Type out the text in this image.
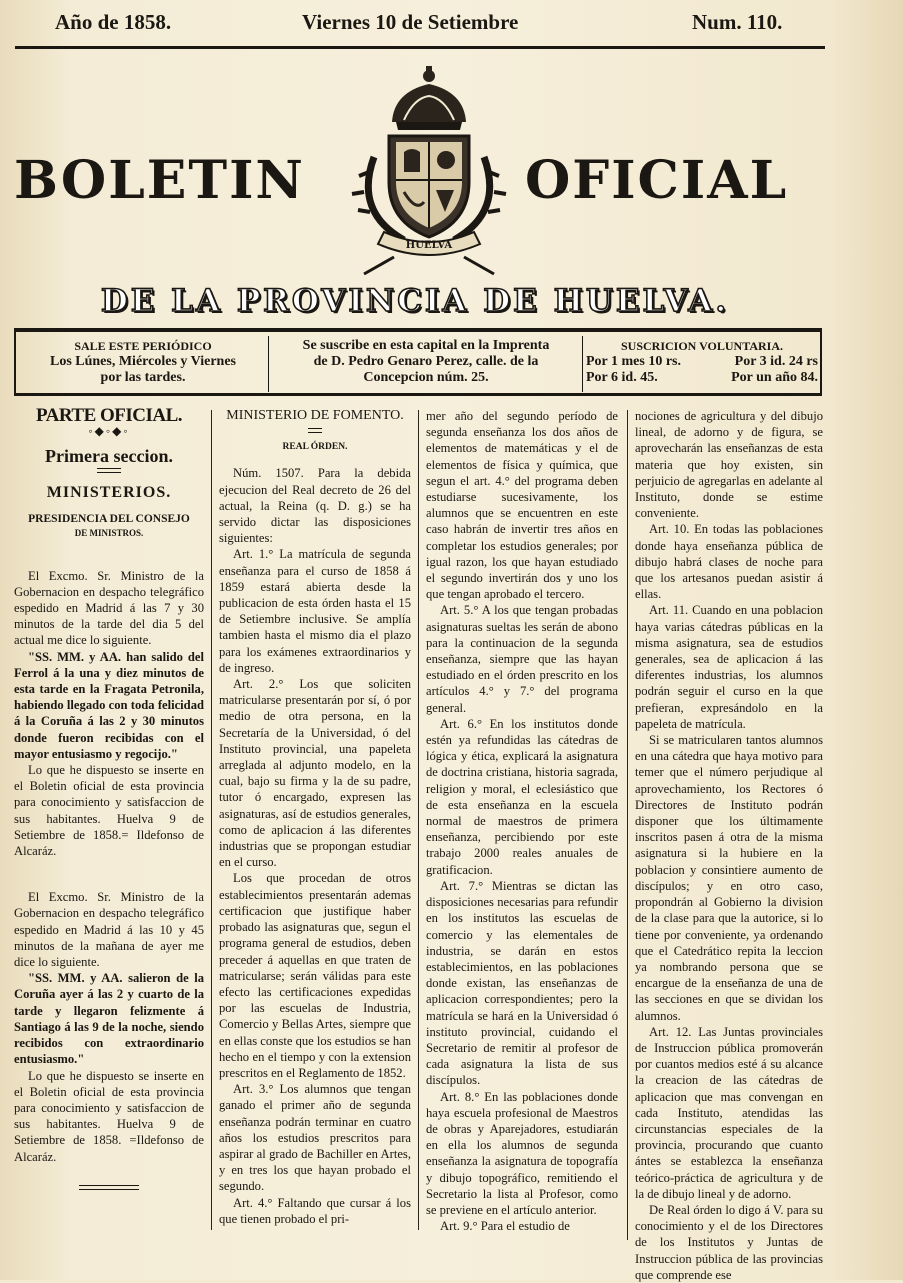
Año de 1858.	Viernes 10 de Setiembre	Num. 110.
BOLETIN	OFICIAL
HUELVA
DE LA PROVINCIA DE HUELVA.
SALE ESTE PERIÓDICO
Los Lúnes, Miércoles y Viernes
por las tardes.
Se suscribe en esta capital en la Imprenta
de D. Pedro Genaro Perez, calle. de la
Concepcion núm. 25.
SUSCRICION VOLUNTARIA.
Por 1 mes 10 rs.	Por 3 id. 24 rs
Por 6 id. 45.	Por un año 84.
PARTE OFICIAL.
◦◆◦◆◦
Primera seccion.
MINISTERIOS.
PRESIDENCIA DEL CONSEJO
DE MINISTROS.

El Excmo. Sr. Ministro de la Gobernacion en despacho telegráfico espedido en Madrid á las 7 y 30 minutos de la tarde del dia 5 del actual me dice lo siguiente.

"SS. MM. y AA. han salido del Ferrol á la una y diez minutos de esta tarde en la Fragata Petronila, habiendo llegado con toda felicidad á la Coruña á las 2 y 30 minutos donde fueron recibidas con el mayor entusiasmo y regocijo."

Lo que he dispuesto se inserte en el Boletin oficial de esta provincia para conocimiento y satisfaccion de sus habitantes. Huelva 9 de Setiembre de 1858.= Ildefonso de Alcaráz.

El Excmo. Sr. Ministro de la Gobernacion en despacho telegráfico espedido en Madrid á las 10 y 45 minutos de la mañana de ayer me dice lo siguiente.

"SS. MM. y AA. salieron de la Coruña ayer á las 2 y cuarto de la tarde y llegaron felizmente á Santiago á las 9 de la noche, siendo recibidos con extraordinario entusiasmo."

Lo que he dispuesto se inserte en el Boletin oficial de esta provincia para conocimiento y satisfaccion de sus habitantes. Huelva 9 de Setiembre de 1858. =Ildefonso de Alcaráz.

MINISTERIO DE FOMENTO.
REAL ÓRDEN.

Núm. 1507. Para la debida ejecucion del Real decreto de 26 del actual, la Reina (q. D. g.) se ha servido dictar las disposiciones siguientes:

Art. 1.° La matrícula de segunda enseñanza para el curso de 1858 á 1859 estará abierta desde la publicacion de esta órden hasta el 15 de Setiembre inclusive. Se amplía tambien hasta el mismo dia el plazo para los exámenes extraordinarios y de ingreso.

Art. 2.° Los que soliciten matricularse presentarán por sí, ó por medio de otra persona, en la Secretaría de la Universidad, ó del Instituto provincial, una papeleta arreglada al adjunto modelo, en la cual, bajo su firma y la de su padre, tutor ó encargado, expresen las asignaturas, así de estudios generales, como de aplicacion á las diferentes industrias que se propongan estudiar en el curso.

Los que procedan de otros establecimientos presentarán ademas certificacion que justifique haber probado las asignaturas que, segun el programa general de estudios, deben preceder á aquellas en que traten de matricularse; serán válidas para este efecto las certificaciones expedidas por las escuelas de Industria, Comercio y Bellas Artes, siempre que en ellas conste que los estudios se han hecho en el tiempo y con la extension prescritos en el Reglamento de 1852.

Art. 3.° Los alumnos que tengan ganado el primer año de segunda enseñanza podrán terminar en cuatro años los estudios prescritos para aspirar al grado de Bachiller en Artes, y en tres los que hayan probado el segundo.

Art. 4.° Faltando que cursar á los que tienen probado el pri-

mer año del segundo período de segunda enseñanza los dos años de elementos de matemáticas y el de elementos de física y química, que segun el art. 4.° del programa deben estudiarse sucesivamente, los alumnos que se encuentren en este caso habrán de invertir tres años en completar los estudios generales; por igual razon, los que hayan estudiado el segundo invertirán dos y uno los que tengan aprobado el tercero.

Art. 5.° A los que tengan probadas asignaturas sueltas les serán de abono para la continuacion de la segunda enseñanza, siempre que las hayan estudiado en el órden prescrito en los artículos 4.° y 7.° del programa general.

Art. 6.° En los institutos donde estén ya refundidas las cátedras de lógica y ética, explicará la asignatura de doctrina cristiana, historia sagrada, religion y moral, el eclesiástico que de esta enseñanza en la escuela normal de maestros de primera enseñanza, percibiendo por este trabajo 2000 reales anuales de gratificacion.

Art. 7.° Mientras se dictan las disposiciones necesarias para refundir en los institutos las escuelas de comercio y las elementales de industria, se darán en estos establecimientos, en las poblaciones donde existan, las enseñanzas de aplicacion correspondientes; pero la matrícula se hará en la Universidad ó instituto provincial, cuidando el Secretario de remitir al profesor de cada asignatura la lista de sus discípulos.

Art. 8.° En las poblaciones donde haya escuela profesional de Maestros de obras y Aparejadores, estudiarán en ella los alumnos de segunda enseñanza la asignatura de topografía y dibujo topográfico, remitiendo el Secretario la lista al Profesor, como se previene en el artículo anterior.

Art. 9.° Para el estudio de

nociones de agricultura y del dibujo lineal, de adorno y de figura, se aprovecharán las enseñanzas de esta materia que hoy existen, sin perjuicio de agregarlas en adelante al Instituto, donde se estime conveniente.

Art. 10. En todas las poblaciones donde haya enseñanza pública de dibujo habrá clases de noche para que los artesanos puedan asistir á ellas.

Art. 11. Cuando en una poblacion haya varias cátedras públicas en la misma asignatura, sea de estudios generales, sea de aplicacion á las diferentes industrias, los alumnos podrán seguir el curso en la que prefieran, expresándolo en la papeleta de matrícula.

Si se matricularen tantos alumnos en una cátedra que haya motivo para temer que el número perjudique al aprovechamiento, los Rectores ó Directores de Instituto podrán disponer que los últimamente inscritos pasen á otra de la misma asignatura si la hubiere en la poblacion y consintiere aumento de discípulos; y en otro caso, propondrán al Gobierno la division de la clase para que la autorice, si lo tiene por conveniente, ya ordenando que el Catedrático repita la leccion ya nombrando persona que se encargue de la enseñanza de una de las secciones en que se dividan los alumnos.

Art. 12. Las Juntas provinciales de Instruccion pública promoverán por cuantos medios esté á su alcance la creacion de las cátedras de aplicacion que mas convengan en cada Instituto, atendidas las circunstancias especiales de la provincia, procurando que cuanto ántes se establezca la enseñanza teórico-práctica de agricultura y de la de dibujo lineal y de adorno.

De Real órden lo digo á V. para su conocimiento y el de los Directores de los Institutos y Juntas de Instruccion pública de las provincias que comprende ese
